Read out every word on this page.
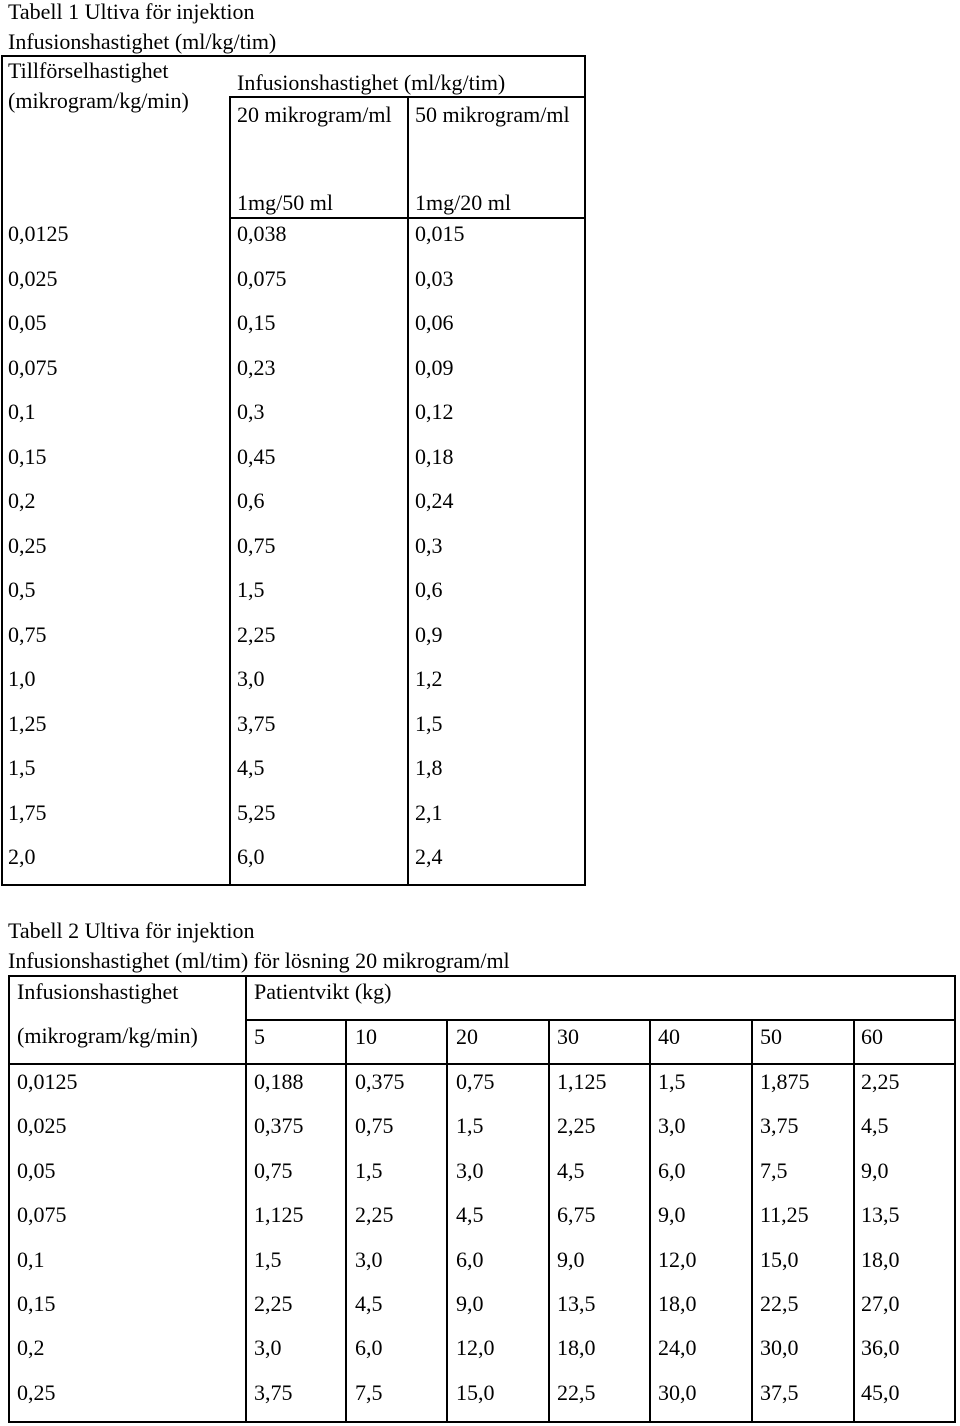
Tabell 1 Ultiva för injektion
Infusionshastighet (ml/kg/tim)
Tillförselhastighet (mikrogram/kg/min)
Infusionshastighet (ml/kg/tim)
20 mikrogram/ml 50 mikrogram/ml
1mg/50 ml	1mg/20 ml
0,0125	0,038	0,015
0,025	0,075	0,03
0,05	0,15	0,06
0,075	0,23	0,09
0,1	0,3	0,12
0,15	0,45	0,18
0,2	0,6	0,24
0,25	0,75	0,3
0,5	1,5	0,6
0,75	2,25	0,9
1,0	3,0	1,2
1,25	3,75	1,5
1,5	4,5	1,8
1,75	5,25	2,1
2,0	6,0	2,4
Tabell 2 Ultiva för injektion
Infusionshastighet (ml/tim) för lösning 20 mikrogram/ml
Infusionshastighet
(mikrogram/kg/min)
Patientvikt (kg)
5	10	20	30	40	50	60
0,0125	0,188 0,375 0,75	1,125 1,5	1,875 2,25
0,025	0,375 0,75	1,5	2,25	3,0	3,75	4,5
0,05	0,75	1,5	3,0	4,5	6,0	7,5	9,0
0,075	1,125 2,25	4,5	6,75	9,0	11,25 13,5
0,1	1,5	3,0	6,0	9,0	12,0	15,0	18,0
0,15	2,25	4,5	9,0	13,5	18,0	22,5	27,0
0,2	3,0	6,0	12,0	18,0	24,0	30,0	36,0
0,25	3,75	7,5	15,0	22,5	30,0	37,5	45,0
